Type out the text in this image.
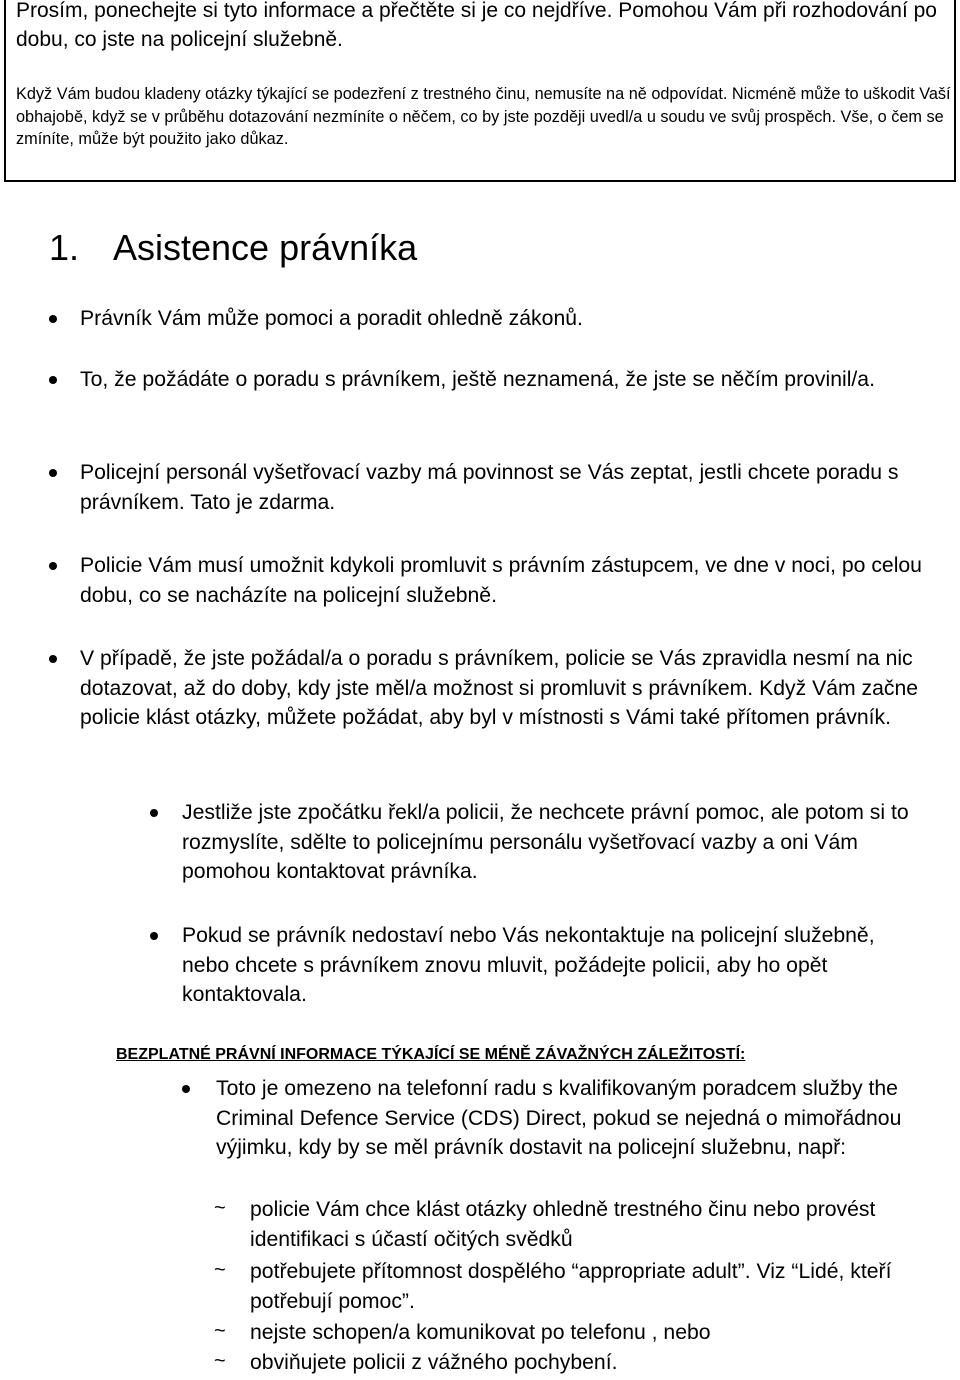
Prosím, ponechejte si tyto informace a přečtěte si je co nejdříve. Pomohou Vám při rozhodování po dobu, co jste na policejní služebně.
Když Vám budou kladeny otázky týkající se podezření z trestného činu, nemusíte na ně odpovídat. Nicméně může to uškodit Vaší obhajobě, když se v průběhu dotazování nezmíníte o něčem, co by jste později uvedl/a u soudu ve svůj prospěch. Vše, o čem se zmíníte, může být použito jako důkaz.
1. Asistence právníka
Právník Vám může pomoci a poradit ohledně zákonů.
To, že požádáte o poradu s právníkem, ještě neznamená, že jste se něčím provinil/a.
Policejní personál vyšetřovací vazby má povinnost se Vás zeptat, jestli chcete poradu s právníkem. Tato je zdarma.
Policie Vám musí umožnit kdykoli promluvit s právním zástupcem, ve dne v noci, po celou dobu, co se nacházíte na policejní služebně.
V případě, že jste požádal/a o poradu s právníkem, policie se Vás zpravidla nesmí na nic dotazovat, až do doby, kdy jste měl/a možnost si promluvit s právníkem. Když Vám začne policie klást otázky, můžete požádat, aby byl v místnosti s Vámi také přítomen právník.
Jestliže jste zpočátku řekl/a policii, že nechcete právní pomoc, ale potom si to rozmyslíte, sdělte to policejnímu personálu vyšetřovací vazby a oni Vám pomohou kontaktovat právníka.
Pokud se právník nedostaví nebo Vás nekontaktuje na policejní služebně, nebo chcete s právníkem znovu mluvit, požádejte policii, aby ho opět kontaktovala.
BEZPLATNÉ PRÁVNÍ INFORMACE TÝKAJÍCÍ SE MÉNĚ ZÁVAŽNÝCH ZÁLEŽITOSTÍ:
Toto je omezeno na telefonní radu s kvalifikovaným poradcem služby the Criminal Defence Service (CDS) Direct, pokud se nejedná o mimořádnou výjimku, kdy by se měl právník dostavit na policejní služebnu, např:
~ policie Vám chce klást otázky ohledně trestného činu nebo provést identifikaci s účastí očitých svědků
~ potřebujete přítomnost dospělého “appropriate adult”. Viz “Lidé, kteří potřebují pomoc”.
~ nejste schopen/a komunikovat po telefonu , nebo
~ obviňujete policii z vážného pochybení.
